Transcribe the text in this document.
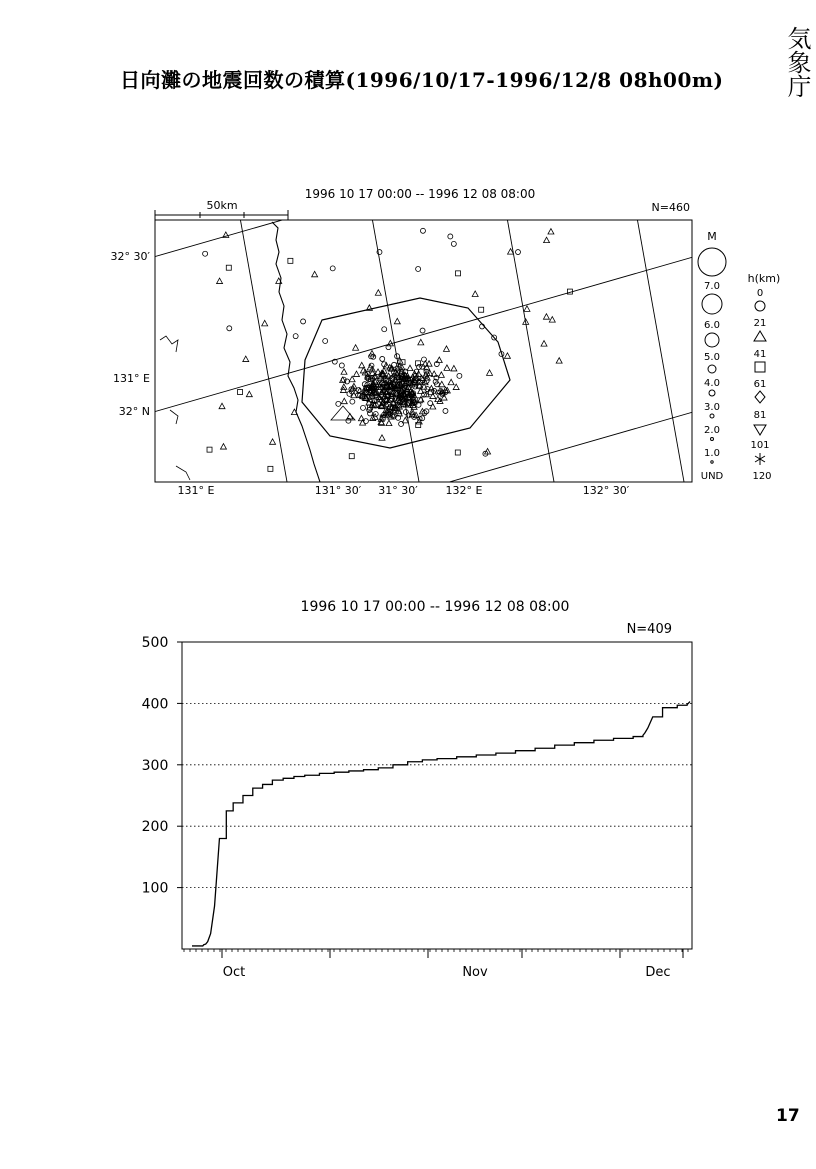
日向灘の地震回数の積算(1996/10/17-1996/12/8 08h00m) 気象庁
17
1996 10 17 00:00 -- 1996 12 08 08:00
N=460
50km
32° 30′
32° N
131° E
131° E	131° 30′ 31° 30′	132° E	132° 30′
M
7.0
6.0
5.0
4.0
3.0
2.0
1.0
UND
h(km)
0
21
41
61
81
101
120
1996 10 17 00:00 -- 1996 12 08 08:00
N=409
100
200
300
400
500
Oct	Nov	Dec
